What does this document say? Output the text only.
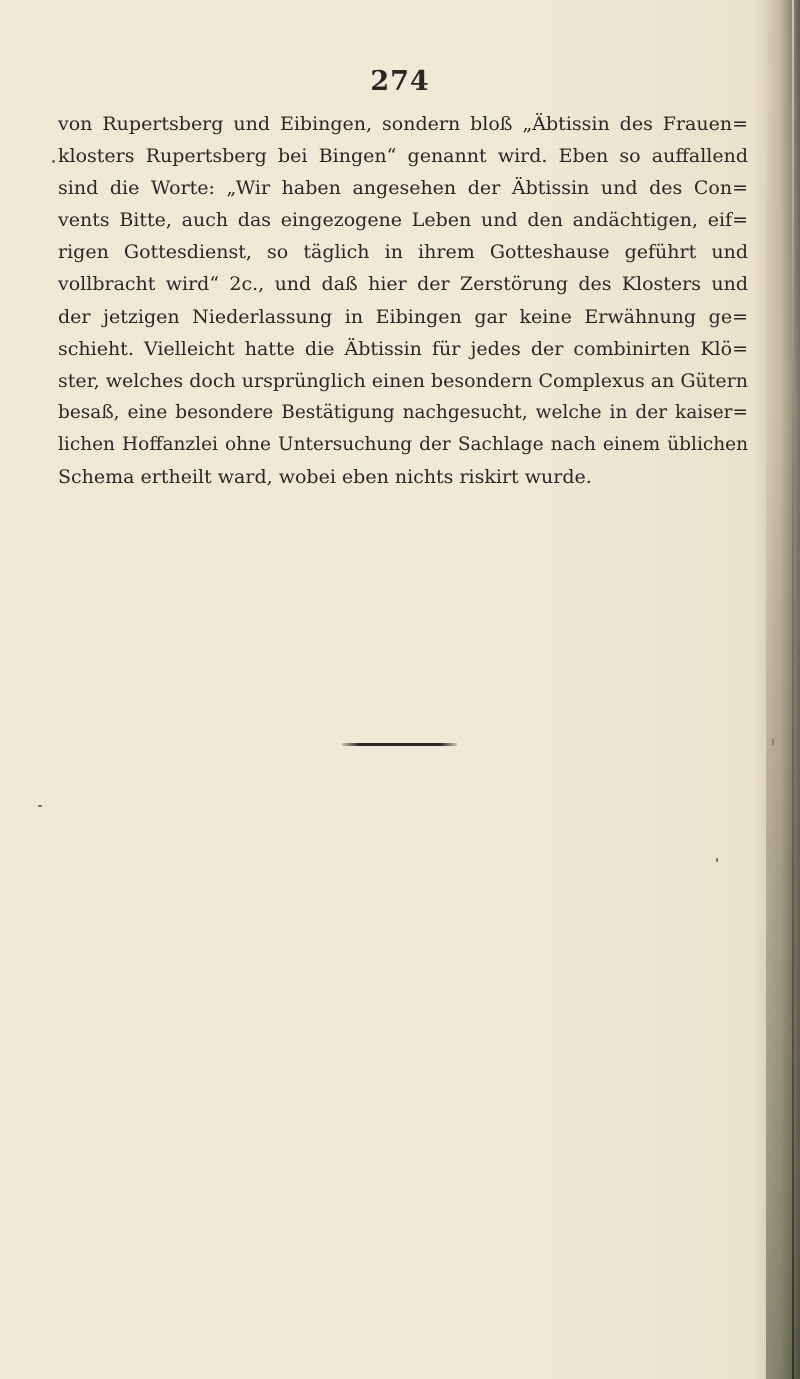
274
von Rupertsberg und Eibingen, sondern bloß „Äbtissin des Frauen=
klosters Rupertsberg bei Bingen“ genannt wird. Eben so auffallend
sind die Worte: „Wir haben angesehen der Äbtissin und des Con=
vents Bitte, auch das eingezogene Leben und den andächtigen, eif=
rigen Gottesdienst, so täglich in ihrem Gotteshause geführt und
vollbracht wird“ 2c., und daß hier der Zerstörung des Klosters und
der jetzigen Niederlassung in Eibingen gar keine Erwähnung ge=
schieht. Vielleicht hatte die Äbtissin für jedes der combinirten Klö=
ster, welches doch ursprünglich einen besondern Complexus an Gütern
besaß, eine besondere Bestätigung nachgesucht, welche in der kaiser=
lichen Hoffanzlei ohne Untersuchung der Sachlage nach einem üblichen
Schema ertheilt ward, wobei eben nichts riskirt wurde.
